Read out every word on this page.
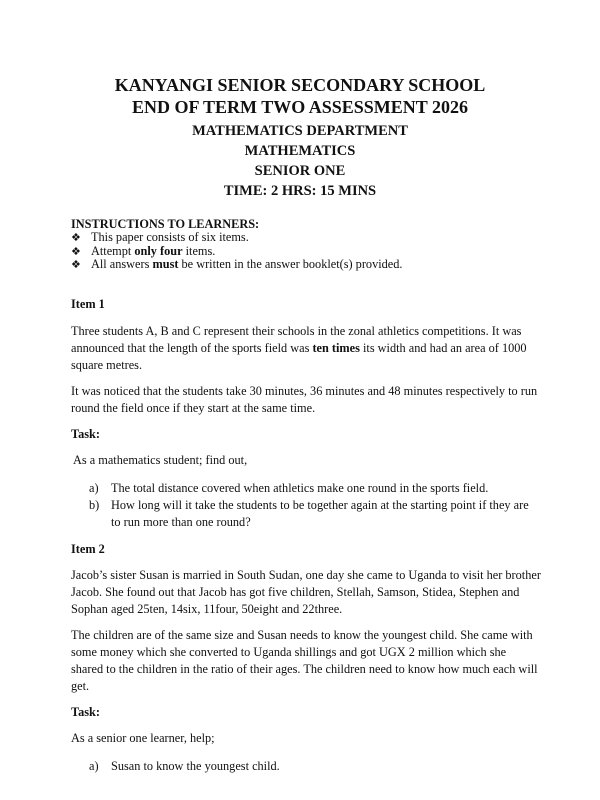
KANYANGI SENIOR SECONDARY SCHOOL
END OF TERM TWO ASSESSMENT 2026
MATHEMATICS DEPARTMENT
MATHEMATICS
SENIOR ONE
TIME: 2 HRS: 15 MINS
INSTRUCTIONS TO LEARNERS:
❖ This paper consists of six items.
❖ Attempt only four items.
❖ All answers must be written in the answer booklet(s) provided.
Item 1

Three students A, B and C represent their schools in the zonal athletics competitions. It was announced that the length of the sports field was ten times its width and had an area of 1000 square metres.

It was noticed that the students take 30 minutes, 36 minutes and 48 minutes respectively to run round the field once if they start at the same time.

Task:

As a mathematics student; find out,

a) The total distance covered when athletics make one round in the sports field.
b) How long will it take the students to be together again at the starting point if they are to run more than one round?
Item 2

Jacob’s sister Susan is married in South Sudan, one day she came to Uganda to visit her brother Jacob. She found out that Jacob has got five children, Stellah, Samson, Stidea, Stephen and Sophan aged 25ten, 14six, 11four, 50eight and 22three.

The children are of the same size and Susan needs to know the youngest child. She came with some money which she converted to Uganda shillings and got UGX 2 million which she shared to the children in the ratio of their ages. The children need to know how much each will get.

Task:

As a senior one learner, help;

a) Susan to know the youngest child.
